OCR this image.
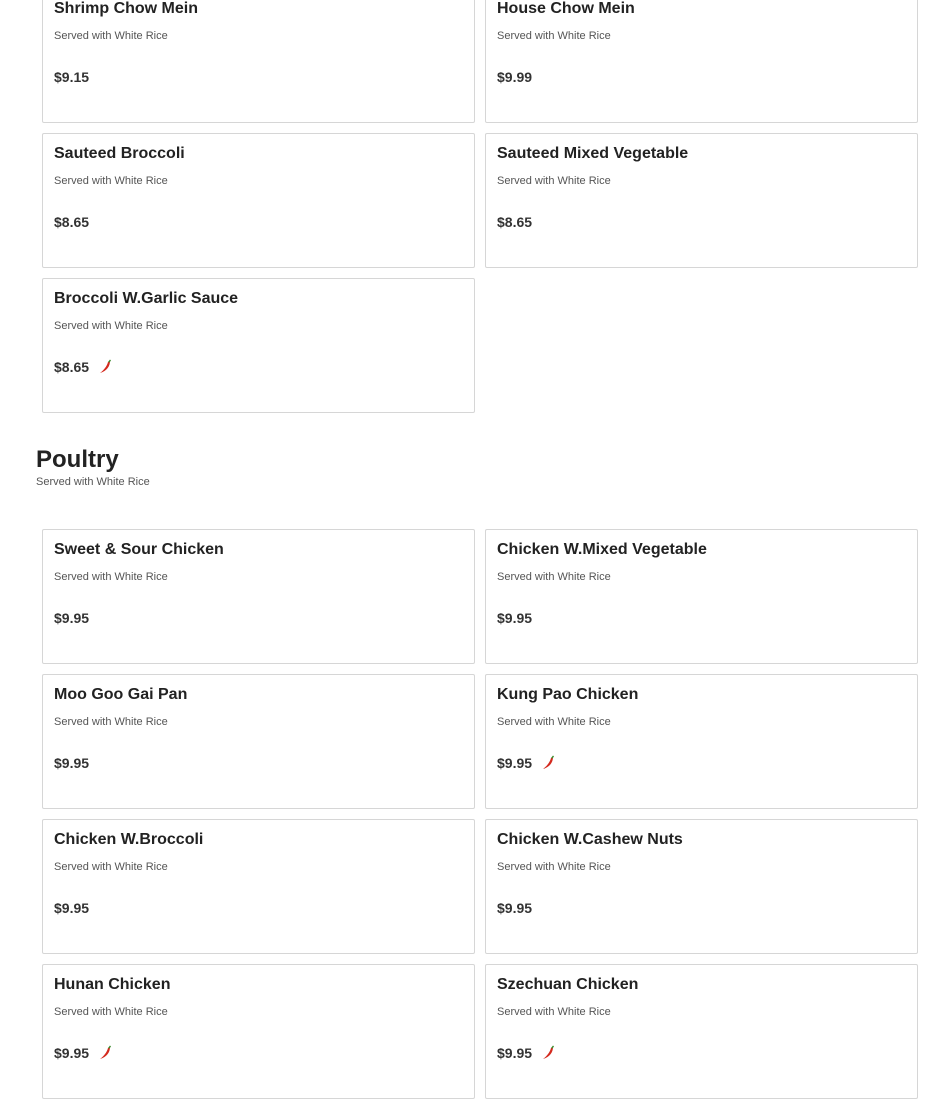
Shrimp Chow Mein
Served with White Rice
$9.15
House Chow Mein
Served with White Rice
$9.99
Sauteed Broccoli
Served with White Rice
$8.65
Sauteed Mixed Vegetable
Served with White Rice
$8.65
Broccoli W.Garlic Sauce
Served with White Rice
$8.65
Poultry
Served with White Rice
Sweet & Sour Chicken
Served with White Rice
$9.95
Chicken W.Mixed Vegetable
Served with White Rice
$9.95
Moo Goo Gai Pan
Served with White Rice
$9.95
Kung Pao Chicken
Served with White Rice
$9.95
Chicken W.Broccoli
Served with White Rice
$9.95
Chicken W.Cashew Nuts
Served with White Rice
$9.95
Hunan Chicken
Served with White Rice
$9.95
Szechuan Chicken
Served with White Rice
$9.95
